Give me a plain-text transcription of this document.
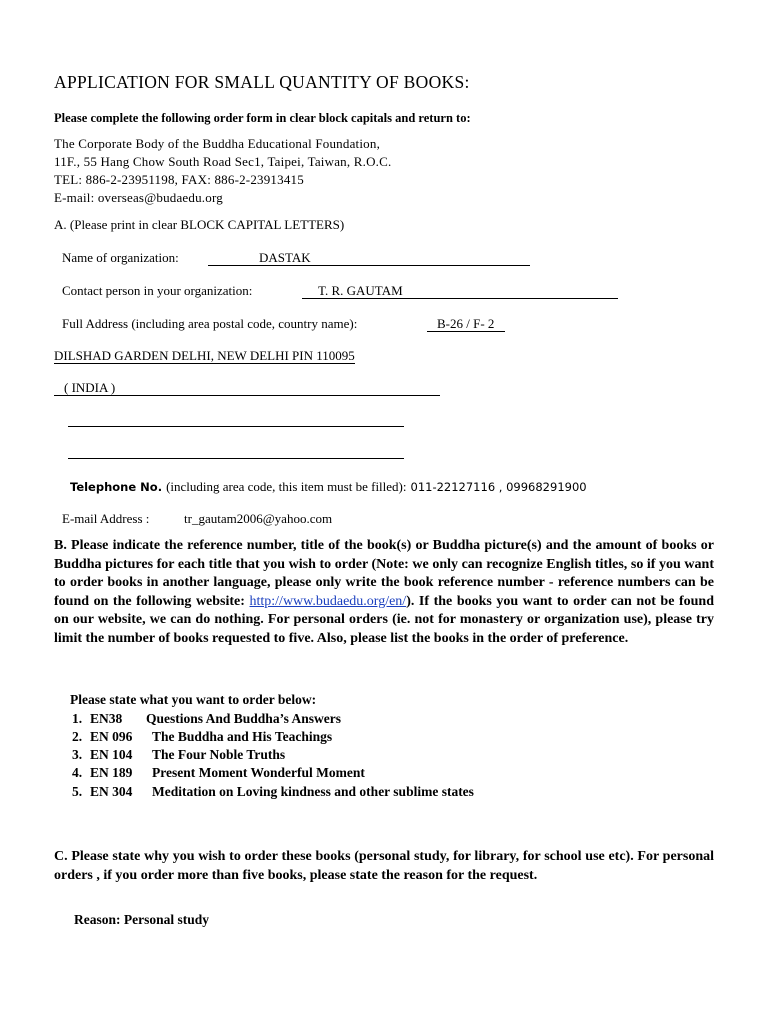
APPLICATION FOR SMALL QUANTITY OF BOOKS:
Please complete the following order form in clear block capitals and return to:
The Corporate Body of the Buddha Educational Foundation,
11F., 55 Hang Chow South Road Sec1, Taipei, Taiwan, R.O.C.
TEL: 886-2-23951198, FAX: 886-2-23913415
E-mail: overseas@budaedu.org
A. (Please print in clear BLOCK CAPITAL LETTERS)
Name of organization:	DASTAK
Contact person in your organization:	T. R. GAUTAM
Full Address (including area postal code, country name):	B-26 / F- 2
DILSHAD GARDEN DELHI, NEW DELHI PIN 110095
( INDIA )
Telephone No. (including area code, this item must be filled): 011-22127116 , 09968291900
E-mail Address :	tr_gautam2006@yahoo.com
B. Please indicate the reference number, title of the book(s) or Buddha picture(s) and the amount of books or Buddha pictures for each title that you wish to order (Note: we only can recognize English titles, so if you want to order books in another language, please only write the book reference number - reference numbers can be found on the following website: http://www.budaedu.org/en/). If the books you want to order can not be found on our website, we can do nothing. For personal orders (ie. not for monastery or organization use), please try limit the number of books requested to five. Also, please list the books in the order of preference.
Please state what you want to order below:
1. EN38 Questions And Buddha’s Answers
2. EN 096 The Buddha and His Teachings
3. EN 104 The Four Noble Truths
4. EN 189 Present Moment Wonderful Moment
5. EN 304 Meditation on Loving kindness and other sublime states
C. Please state why you wish to order these books (personal study, for library, for school use etc). For personal orders , if you order more than five books, please state the reason for the request.
Reason: Personal study
